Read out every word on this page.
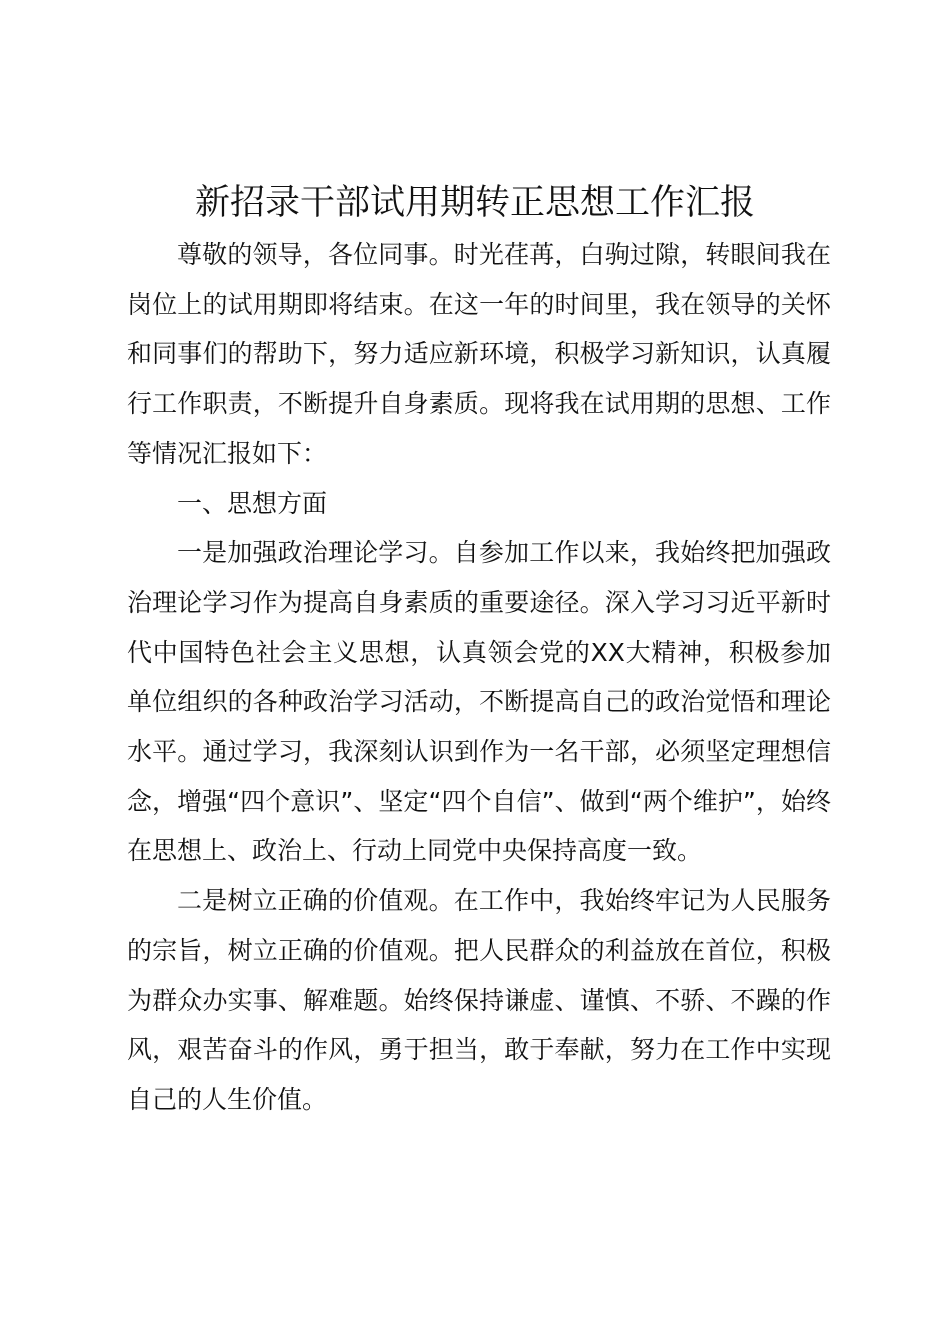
新招录干部试用期转正思想工作汇报

尊敬的领导，各位同事。时光荏苒，白驹过隙，转眼间我在岗位上的试用期即将结束。在这一年的时间里，我在领导的关怀和同事们的帮助下，努力适应新环境，积极学习新知识，认真履行工作职责，不断提升自身素质。现将我在试用期的思想、工作等情况汇报如下：

一、思想方面

一是加强政治理论学习。自参加工作以来，我始终把加强政治理论学习作为提高自身素质的重要途径。深入学习习近平新时代中国特色社会主义思想，认真领会党的XX大精神，积极参加单位组织的各种政治学习活动，不断提高自己的政治觉悟和理论水平。通过学习，我深刻认识到作为一名干部，必须坚定理想信念，增强“四个意识”、坚定“四个自信”、做到“两个维护”，始终在思想上、政治上、行动上同党中央保持高度一致。

二是树立正确的价值观。在工作中，我始终牢记为人民服务的宗旨，树立正确的价值观。把人民群众的利益放在首位，积极为群众办实事、解难题。始终保持谦虚、谨慎、不骄、不躁的作风，艰苦奋斗的作风，勇于担当，敢于奉献，努力在工作中实现自己的人生价值。
